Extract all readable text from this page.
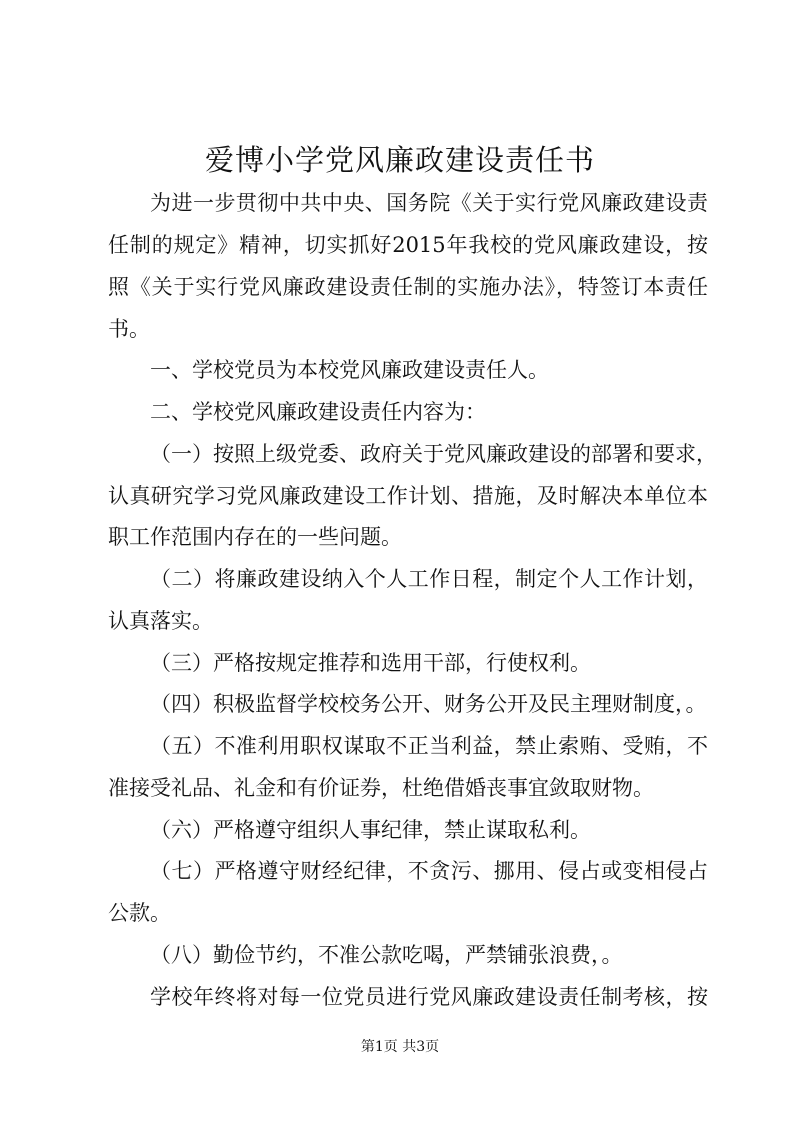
爱博小学党风廉政建设责任书
为进一步贯彻中共中央、国务院《关于实行党风廉政建设责
任制的规定》精神，切实抓好2015年我校的党风廉政建设，按
照《关于实行党风廉政建设责任制的实施办法》，特签订本责任
书。
一、学校党员为本校党风廉政建设责任人。
二、学校党风廉政建设责任内容为：
（一）按照上级党委、政府关于党风廉政建设的部署和要求，
认真研究学习党风廉政建设工作计划、措施，及时解决本单位本
职工作范围内存在的一些问题。
（二）将廉政建设纳入个人工作日程，制定个人工作计划，
认真落实。
（三）严格按规定推荐和选用干部，行使权利。
（四）积极监督学校校务公开、财务公开及民主理财制度，。
（五）不准利用职权谋取不正当利益，禁止索贿、受贿，不
准接受礼品、礼金和有价证券，杜绝借婚丧事宜敛取财物。
（六）严格遵守组织人事纪律，禁止谋取私利。
（七）严格遵守财经纪律，不贪污、挪用、侵占或变相侵占
公款。
（八）勤俭节约，不准公款吃喝，严禁铺张浪费，。
学校年终将对每一位党员进行党风廉政建设责任制考核，按
第1页 共3页
